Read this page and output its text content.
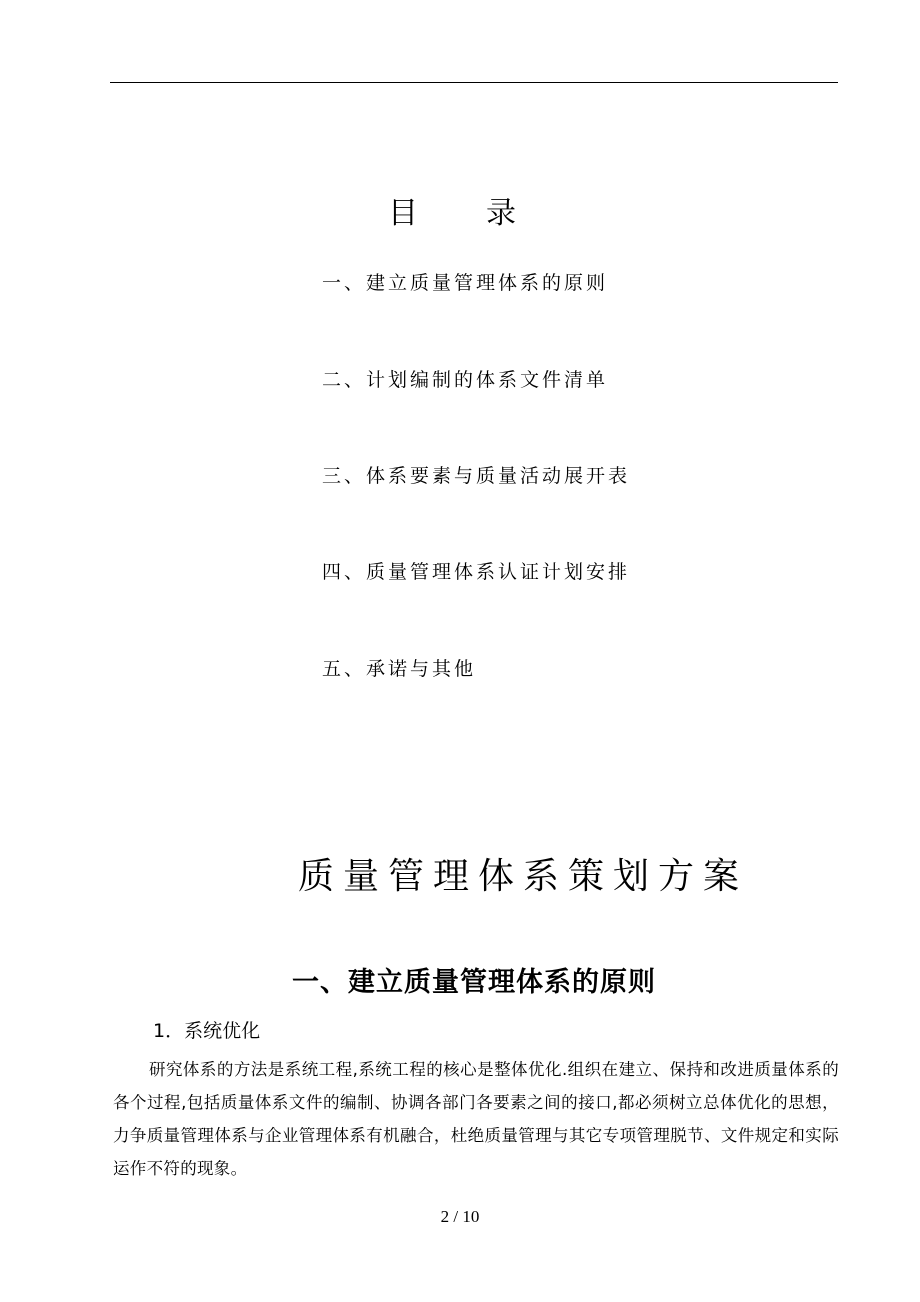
目 录
一、建立质量管理体系的原则
二、计划编制的体系文件清单
三、体系要素与质量活动展开表
四、质量管理体系认证计划安排
五、承诺与其他
质量管理体系策划方案
一、建立质量管理体系的原则
1．系统优化
研究体系的方法是系统工程,系统工程的核心是整体优化.组织在建立、保持和改进质量体系的各个过程,包括质量体系文件的编制、协调各部门各要素之间的接口,都必须树立总体优化的思想，力争质量管理体系与企业管理体系有机融合，杜绝质量管理与其它专项管理脱节、文件规定和实际运作不符的现象。
2 / 10
